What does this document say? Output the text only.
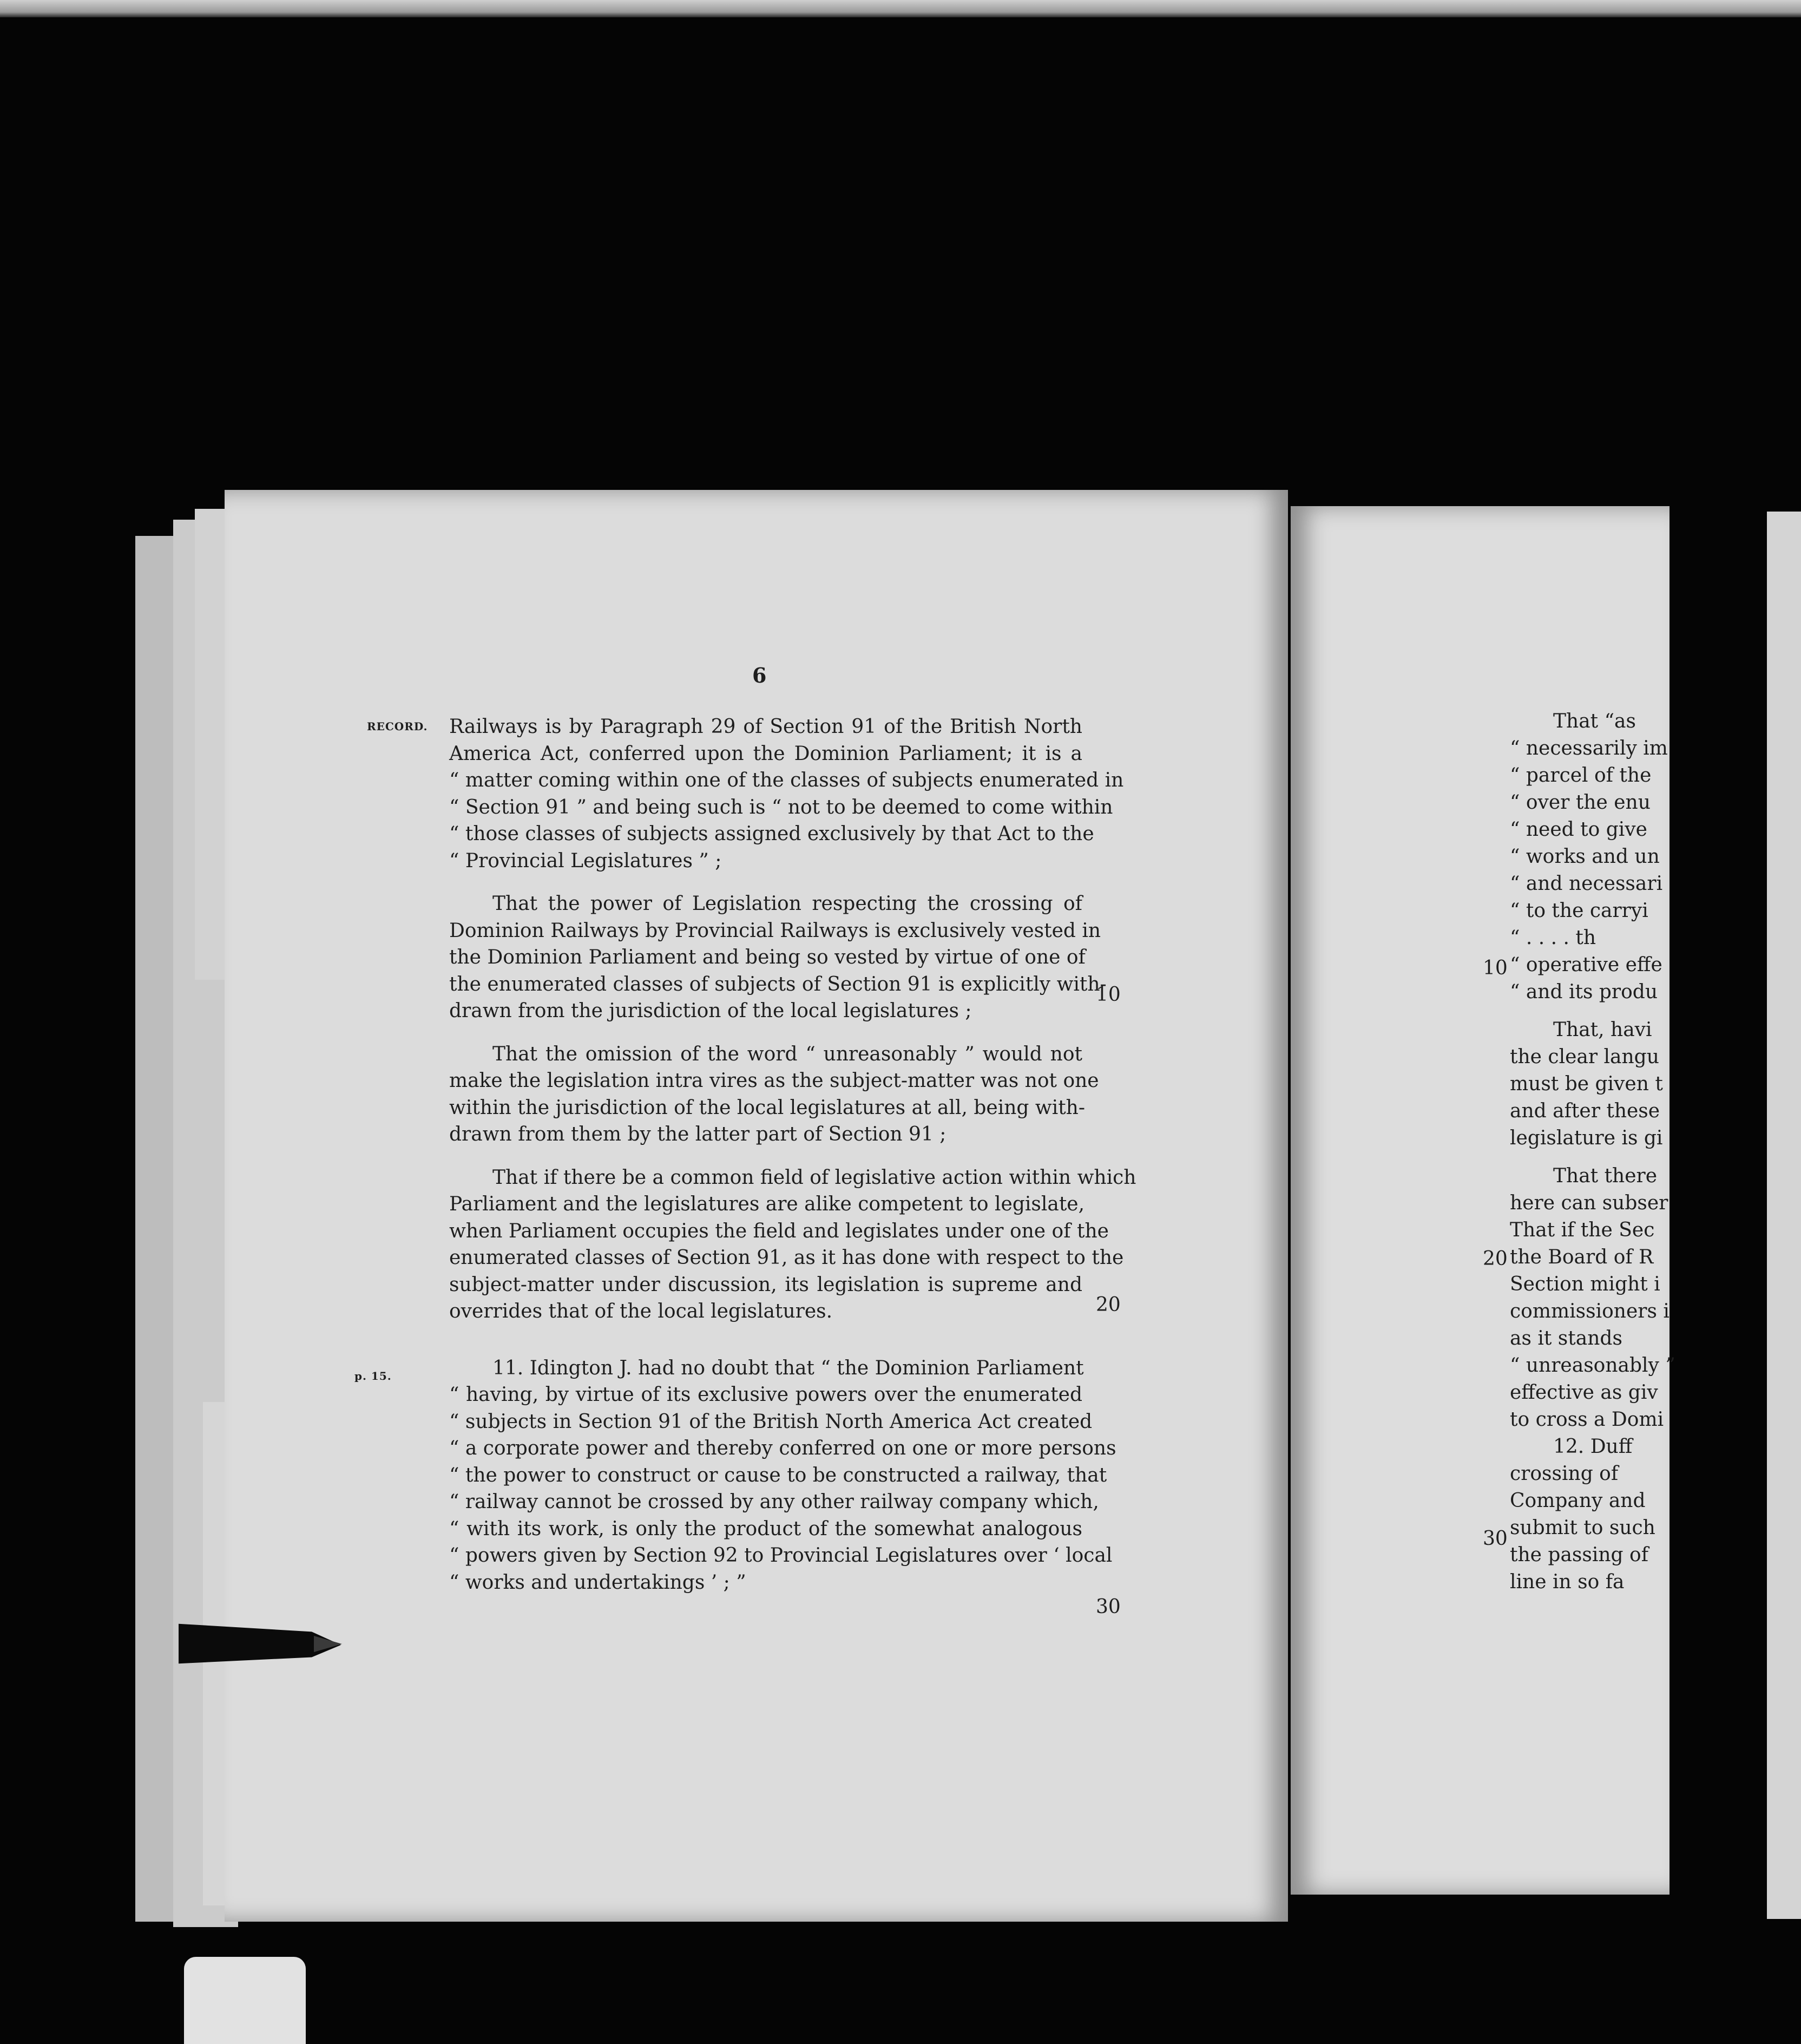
6
RECORD.
p. 15.
10
20
30
Railways is by Paragraph 29 of Section 91 of the British North
America Act, conferred upon the Dominion Parliament; it is a
“ matter coming within one of the classes of subjects enumerated in
“ Section 91 ” and being such is “ not to be deemed to come within
“ those classes of subjects assigned exclusively by that Act to the
“ Provincial Legislatures ” ;
That the power of Legislation respecting the crossing of
Dominion Railways by Provincial Railways is exclusively vested in
the Dominion Parliament and being so vested by virtue of one of
the enumerated classes of subjects of Section 91 is explicitly with-
drawn from the jurisdiction of the local legislatures ;
That the omission of the word “ unreasonably ” would not
make the legislation intra vires as the subject-matter was not one
within the jurisdiction of the local legislatures at all, being with-
drawn from them by the latter part of Section 91 ;
That if there be a common field of legislative action within which
Parliament and the legislatures are alike competent to legislate,
when Parliament occupies the field and legislates under one of the
enumerated classes of Section 91, as it has done with respect to the
subject-matter under discussion, its legislation is supreme and
overrides that of the local legislatures.
11. Idington J. had no doubt that “ the Dominion Parliament
“ having, by virtue of its exclusive powers over the enumerated
“ subjects in Section 91 of the British North America Act created
“ a corporate power and thereby conferred on one or more persons
“ the power to construct or cause to be constructed a railway, that
“ railway cannot be crossed by any other railway company which,
“ with its work, is only the product of the somewhat analogous
“ powers given by Section 92 to Provincial Legislatures over ‘ local
“ works and undertakings ’ ; ”
10
20
30
That “as
“ necessarily im
“ parcel of the
“ over the enu
“ need to give
“ works and un
“ and necessari
“ to the carryi
“ . . . . th
“ operative effe
“ and its produ
That, havi
the clear langu
must be given t
and after these
legislature is gi
That there
here can subser
That if the Sec
the Board of R
Section might i
commissioners i
as it stands
“ unreasonably ”
effective as giv
to cross a Domi
12. Duff
crossing of
Company and
submit to such
the passing of
line in so fa
